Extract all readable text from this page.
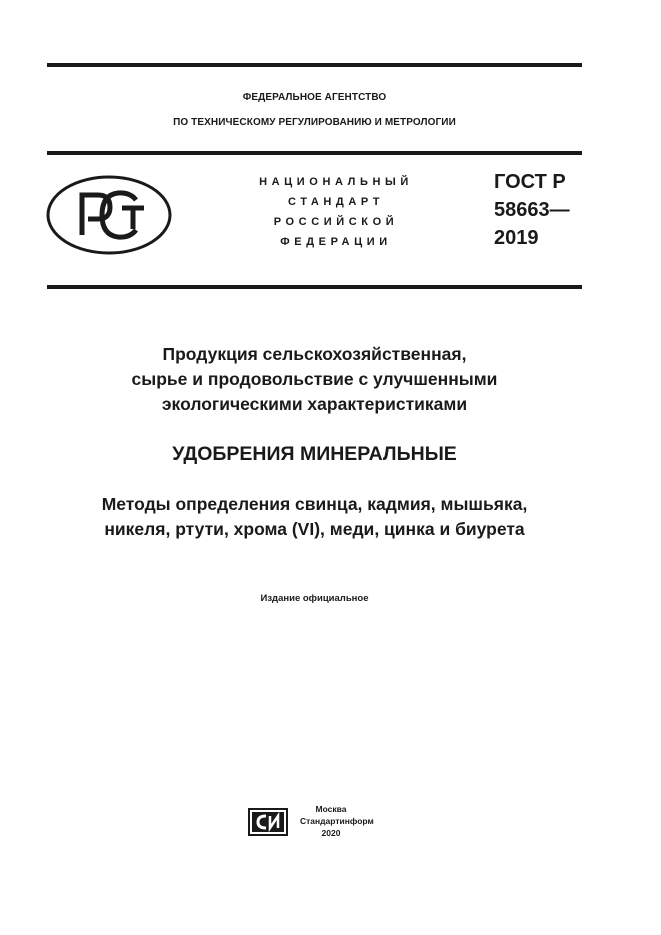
ФЕДЕРАЛЬНОЕ АГЕНТСТВО
ПО ТЕХНИЧЕСКОМУ РЕГУЛИРОВАНИЮ И МЕТРОЛОГИИ
НАЦИОНАЛЬНЫЙ
СТАНДАРТ
РОССИЙСКОЙ
ФЕДЕРАЦИИ
ГОСТ Р
58663—
2019
Продукция сельскохозяйственная,
сырье и продовольствие с улучшенными
экологическими характеристиками
УДОБРЕНИЯ МИНЕРАЛЬНЫЕ
Методы определения свинца, кадмия, мышьяка,
никеля, ртути, хрома (VI), меди, цинка и биурета
Издание официальное
Москва
Стандартинформ
2020
